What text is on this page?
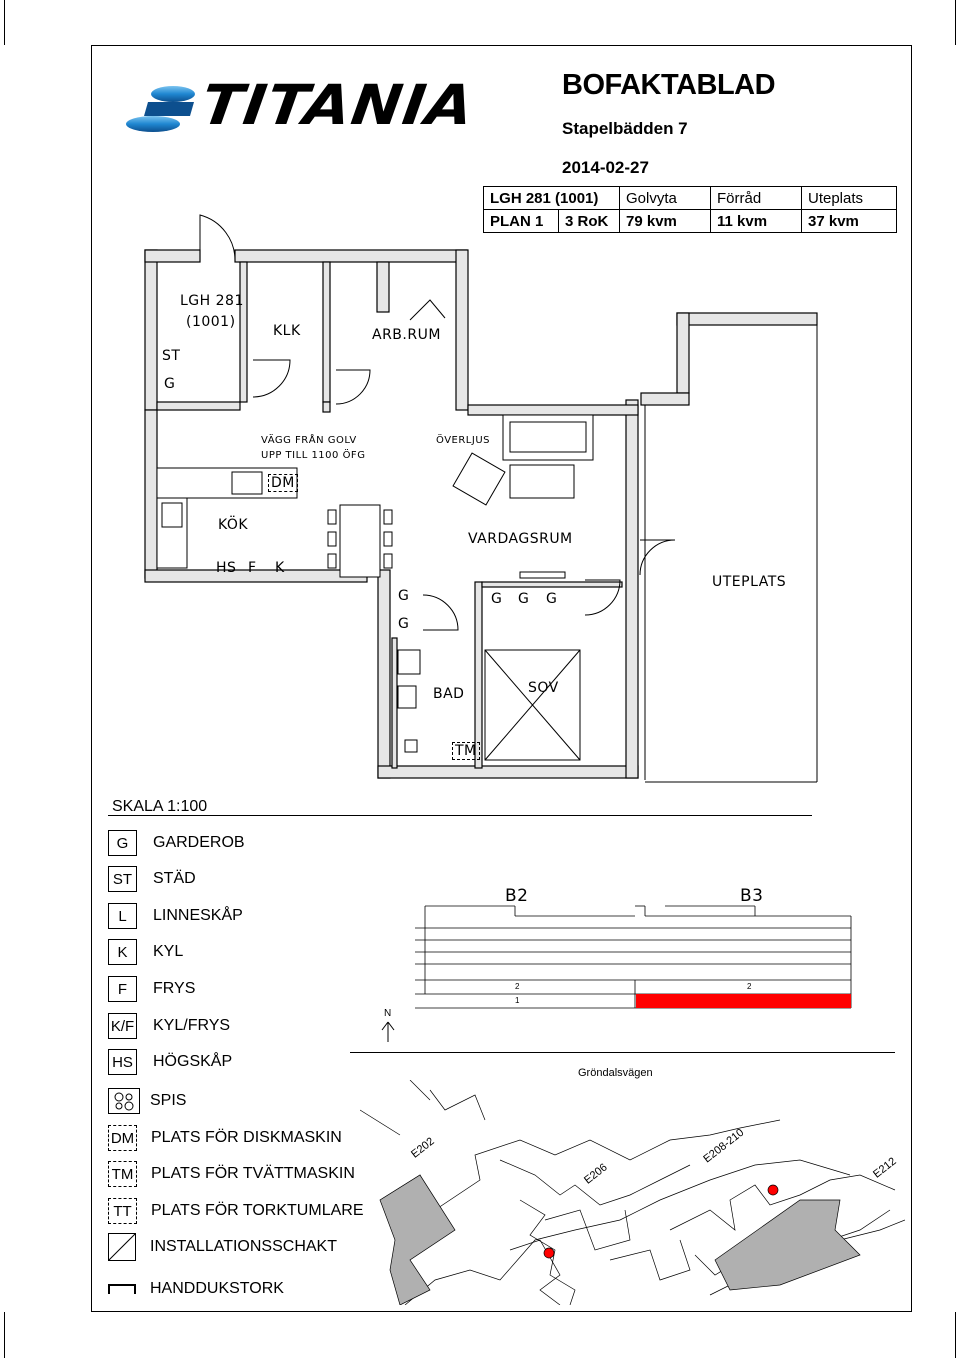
TITANIA	BOFAKTABLAD
Stapelbädden 7
2014-02-27
LGH 281 (1001)		Golvyta	Förråd	Uteplats
PLAN 1	3 RoK	79 kvm	11 kvm	37 kvm
LGH 281
(1001)
ST
G
KLK	ARB.RUM
VÄGG FRÅN GOLV
UPP TILL 1100 ÖFG
ÖVERLJUS
DM
KÖK
HS F K
VARDAGSRUM
UTEPLATS
G
G
G G G
BAD	SOV
TM
SKALA 1:100
G	GARDEROB
ST	STÄD
L	LINNESKÅP
K	KYL
F	FRYS
K/F KYL/FRYS
HS HÖGSKÅP
SPIS
DM PLATS FÖR DISKMASKIN
TM PLATS FÖR TVÄTTMASKIN
TT	PLATS FÖR TORKTUMLARE
INSTALLATIONSSCHAKT
HANDDUKSTORK
B2	B3
2	2
1
N
Gröndalsvägen
E202
E206
E208-210
E212
